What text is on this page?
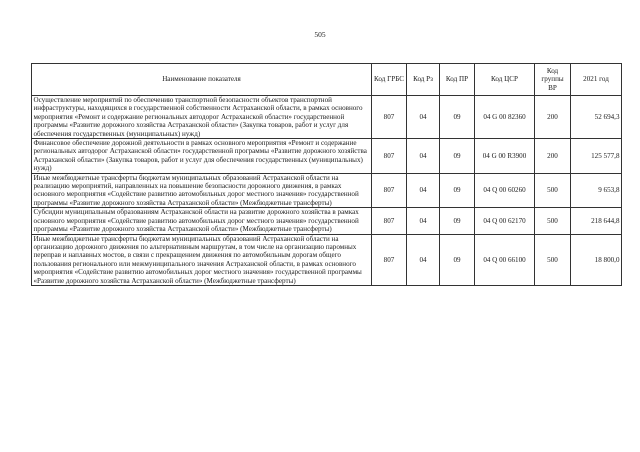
505
Наименование показателя	Код ГРБС	Код Рз	Код ПР	Код ЦСР	Код группы ВР	2021 год
Осуществление мероприятий по обеспечению транспортной безопасности объектов транспортной инфраструктуры, находящихся в государственной собственности Астраханской области, в рамках основного мероприятия «Ремонт и содержание региональных автодорог Астраханской области» государственной программы «Развитие дорожного хозяйства Астраханской области» (Закупка товаров, работ и услуг для обеспечения государственных (муниципальных) нужд)	807	04	09	04 G 00 82360	200	52 694,3
Финансовое обеспечение дорожной деятельности в рамках основного мероприятия «Ремонт и содержание региональных автодорог Астраханской области» государственной программы «Развитие дорожного хозяйства Астраханской области» (Закупка товаров, работ и услуг для обеспечения государственных (муниципальных) нужд)	807	04	09	04 G 00 R3900	200	125 577,8
Иные межбюджетные трансферты бюджетам муниципальных образований Астраханской области на реализацию мероприятий, направленных на повышение безопасности дорожного движения, в рамках основного мероприятия «Содействие развитию автомобильных дорог местного значения» государственной программы «Развитие дорожного хозяйства Астраханской области» (Межбюджетные трансферты)	807	04	09	04 Q 00 60260	500	9 653,8
Субсидии муниципальным образованиям Астраханской области на развитие дорожного хозяйства в рамках основного мероприятия «Содействие развитию автомобильных дорог местного значения» государственной программы «Развитие дорожного хозяйства Астраханской области» (Межбюджетные трансферты)	807	04	09	04 Q 00 62170	500	218 644,8
Иные межбюджетные трансферты бюджетам муниципальных образований Астраханской области на организацию дорожного движения по альтернативным маршрутам, в том числе на организацию паромных переправ и наплавных мостов, в связи с прекращением движения по автомобильным дорогам общего пользования регионального или межмуниципального значения Астраханской области, в рамках основного мероприятия «Содействие развитию автомобильных дорог местного значения» государственной программы «Развитие дорожного хозяйства Астраханской области» (Межбюджетные трансферты)	807	04	09	04 Q 00 66100	500	18 800,0
